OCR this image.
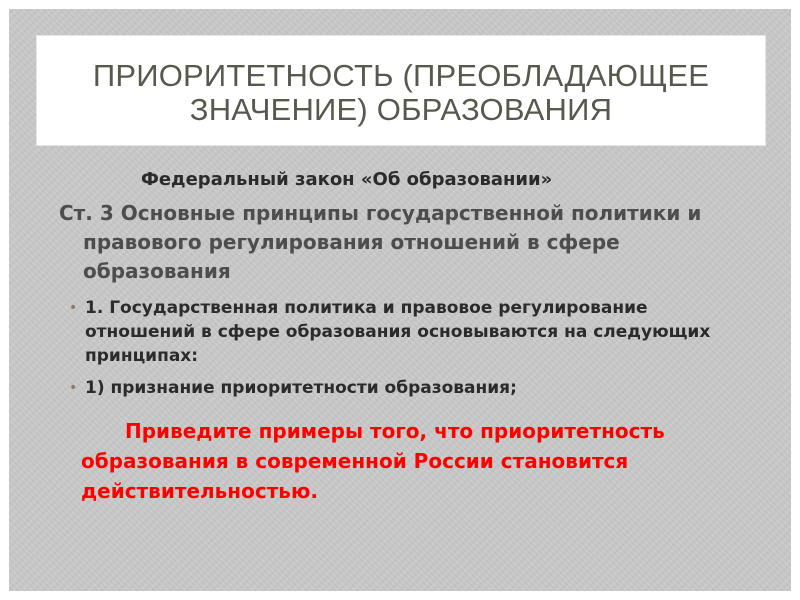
ПРИОРИТЕТНОСТЬ (ПРЕОБЛАДАЮЩЕЕ ЗНАЧЕНИЕ) ОБРАЗОВАНИЯ

Федеральный закон «Об образовании»

Ст. 3 Основные принципы государственной политики и правового регулирования отношений в сфере образования

• 1. Государственная политика и правовое регулирование отношений в сфере образования основываются на следующих принципах:
• 1) признание приоритетности образования;

Приведите примеры того, что приоритетность     образования в современной России становится  действительностью.
